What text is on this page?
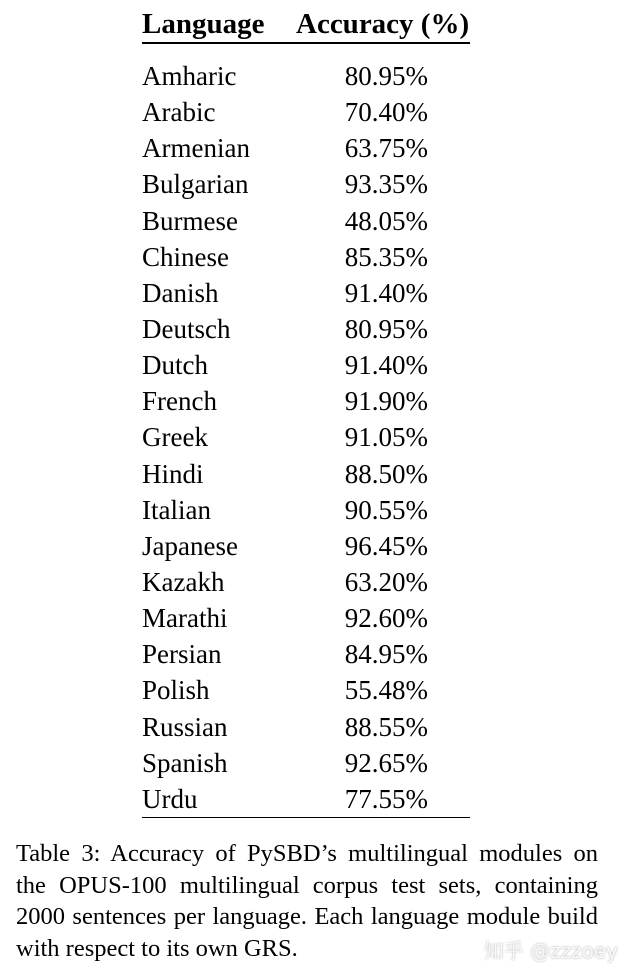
Language	Accuracy (%)
Amharic	80.95%
Arabic	70.40%
Armenian	63.75%
Bulgarian	93.35%
Burmese	48.05%
Chinese	85.35%
Danish	91.40%
Deutsch	80.95%
Dutch	91.40%
French	91.90%
Greek	91.05%
Hindi	88.50%
Italian	90.55%
Japanese	96.45%
Kazakh	63.20%
Marathi	92.60%
Persian	84.95%
Polish	55.48%
Russian	88.55%
Spanish	92.65%
Urdu	77.55%
Table 3: Accuracy of PySBD’s multilingual modules on the OPUS-100 multilingual corpus test sets, containing 2000 sentences per language. Each language module build with respect to its own GRS.	知乎 @zzzoey
